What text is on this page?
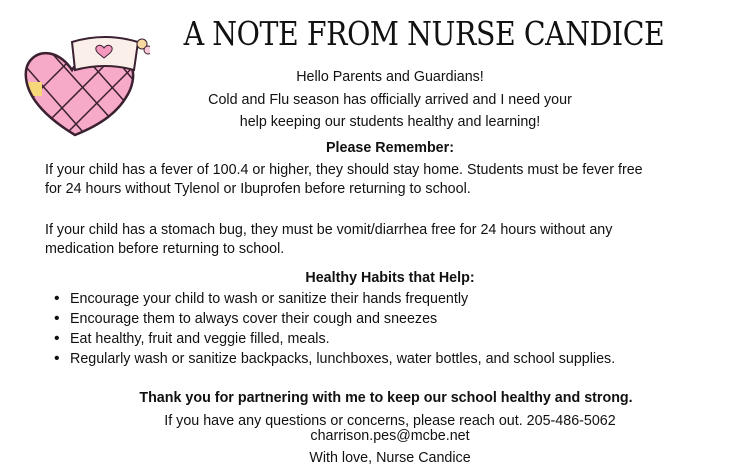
A NOTE FROM NURSE CANDICE
Hello Parents and Guardians!
Cold and Flu season has officially arrived and I need your
help keeping our students healthy and learning!
Please Remember:
If your child has a fever of 100.4 or higher, they should stay home. Students must be fever free
for 24 hours without Tylenol or Ibuprofen before returning to school.
If your child has a stomach bug, they must be vomit/diarrhea free for 24 hours without any
medication before returning to school.
Healthy Habits that Help:
• Encourage your child to wash or sanitize their hands frequently
• Encourage them to always cover their cough and sneezes
• Eat healthy, fruit and veggie filled, meals.
• Regularly wash or sanitize backpacks, lunchboxes, water bottles, and school supplies.
Thank you for partnering with me to keep our school healthy and strong.
If you have any questions or concerns, please reach out. 205-486-5062
charrison.pes@mcbe.net
With love, Nurse Candice
